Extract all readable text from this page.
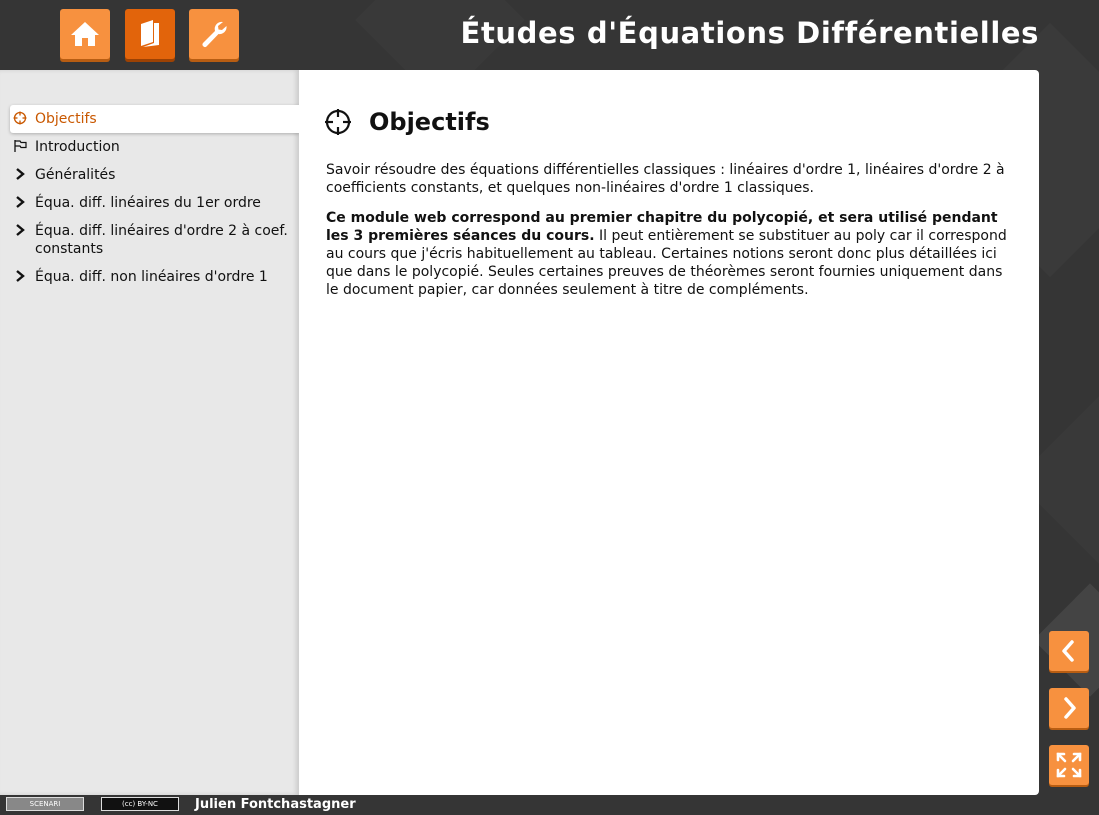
Études d'Équations Différentielles
Objectifs
Introduction
Généralités
Équa. diff. linéaires du 1er ordre
Équa. diff. linéaires d'ordre 2 à coef. constants
Équa. diff. non linéaires d'ordre 1
Objectifs

Savoir résoudre des équations différentielles classiques : linéaires d'ordre 1, linéaires d'ordre 2 à coefficients constants, et quelques non-linéaires d'ordre 1 classiques.

Ce module web correspond au premier chapitre du polycopié, et sera utilisé pendant les 3 premières séances du cours. Il peut entièrement se substituer au poly car il correspond au cours que j'écris habituellement au tableau. Certaines notions seront donc plus détaillées ici que dans le polycopié. Seules certaines preuves de théorèmes seront fournies uniquement dans le document papier, car données seulement à titre de compléments.

SCENARI	(cc) BY-NC	Julien Fontchastagner
